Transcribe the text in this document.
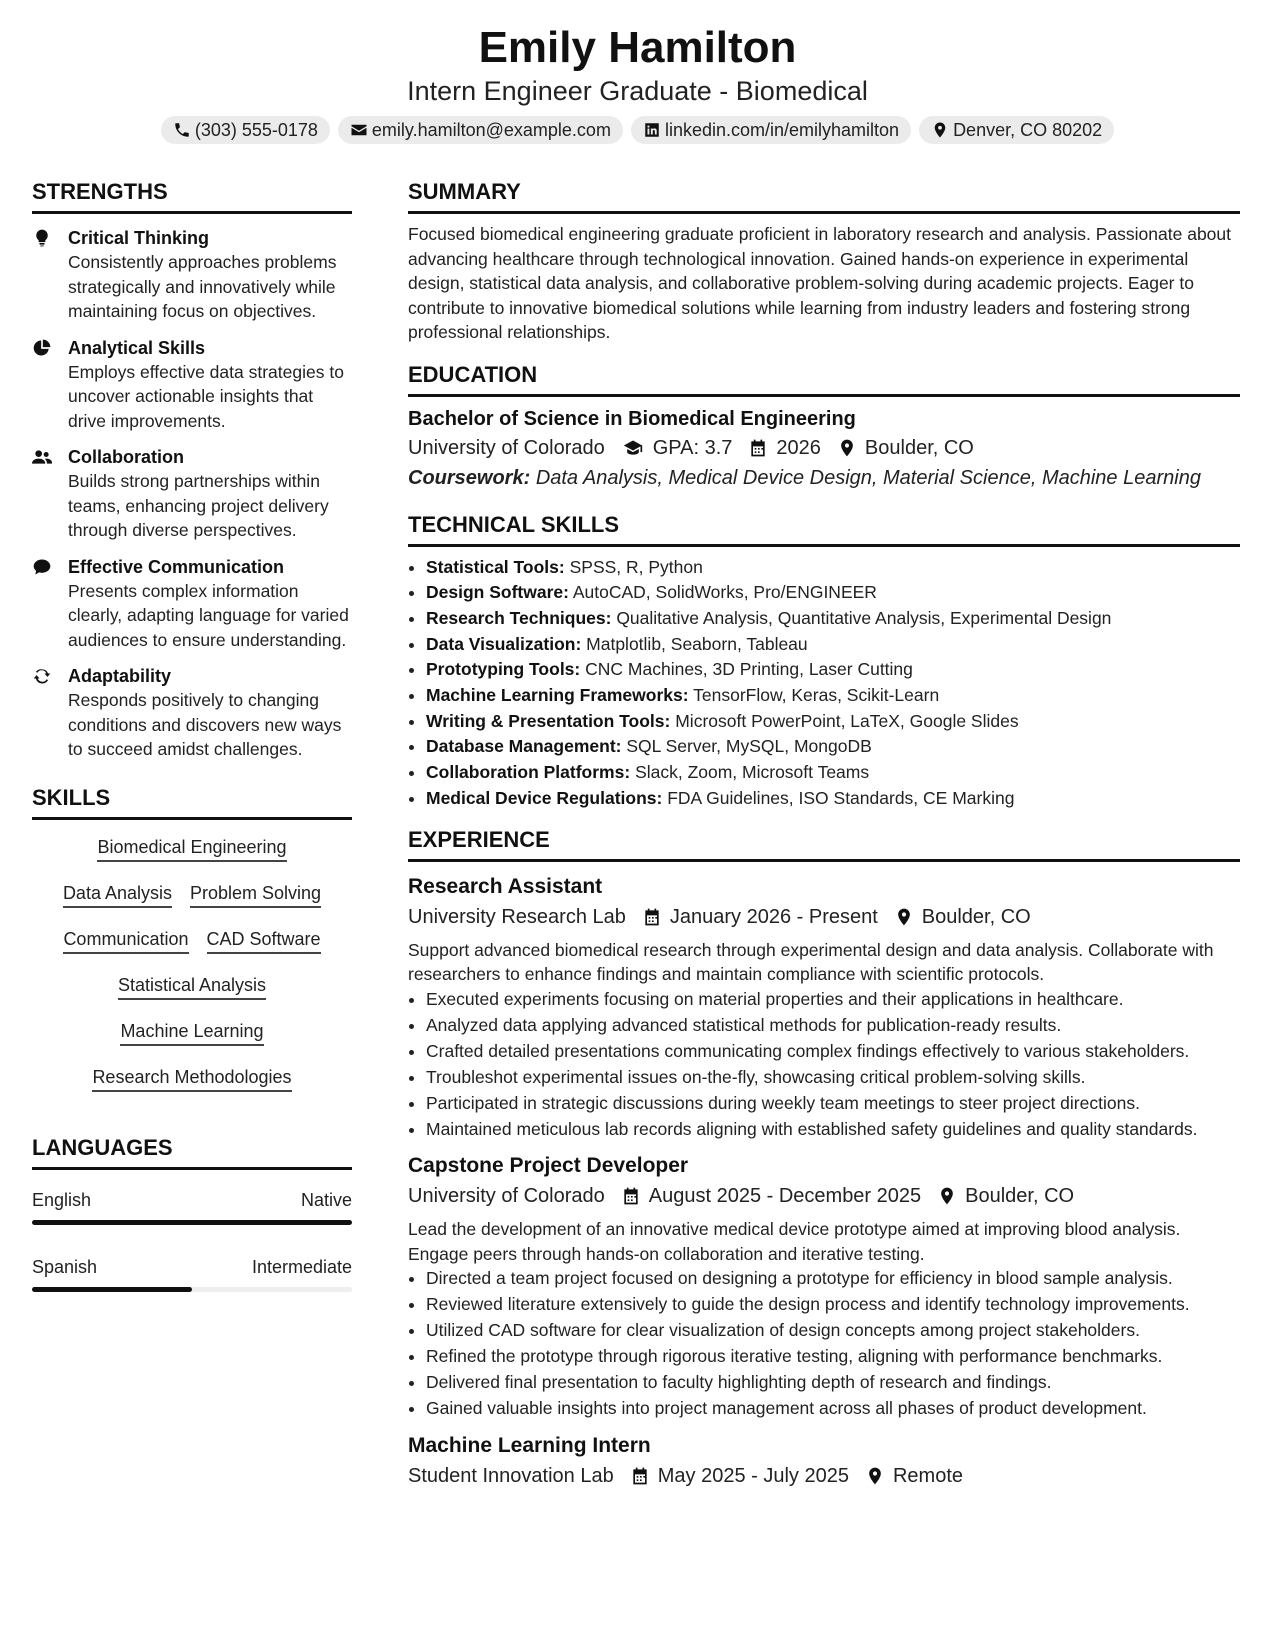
Emily Hamilton
Intern Engineer Graduate - Biomedical
(303) 555-0178	emily.hamilton@example.com	linkedin.com/in/emilyhamilton	Denver, CO 80202
STRENGTHS
Critical Thinking
Consistently approaches problems strategically and innovatively while maintaining focus on objectives.
Analytical Skills
Employs effective data strategies to uncover actionable insights that drive improvements.
Collaboration
Builds strong partnerships within teams, enhancing project delivery through diverse perspectives.
Effective Communication
Presents complex information clearly, adapting language for varied audiences to ensure understanding.
Adaptability
Responds positively to changing conditions and discovers new ways to succeed amidst challenges.
SKILLS
Biomedical Engineering
Data Analysis Problem Solving
Communication CAD Software
Statistical Analysis
Machine Learning
Research Methodologies
LANGUAGES
English	Native
Spanish	Intermediate
SUMMARY

Focused biomedical engineering graduate proficient in laboratory research and analysis. Passionate about advancing healthcare through technological innovation. Gained hands-on experience in experimental design, statistical data analysis, and collaborative problem-solving during academic projects. Eager to contribute to innovative biomedical solutions while learning from industry leaders and fostering strong professional relationships.

EDUCATION
Bachelor of Science in Biomedical Engineering
University of Colorado GPA: 3.7 2026 Boulder, CO
Coursework: Data Analysis, Medical Device Design, Material Science, Machine Learning
TECHNICAL SKILLS
• Statistical Tools: SPSS, R, Python
• Design Software: AutoCAD, SolidWorks, Pro/ENGINEER
• Research Techniques: Qualitative Analysis, Quantitative Analysis, Experimental Design
• Data Visualization: Matplotlib, Seaborn, Tableau
• Prototyping Tools: CNC Machines, 3D Printing, Laser Cutting
• Machine Learning Frameworks: TensorFlow, Keras, Scikit-Learn
• Writing & Presentation Tools: Microsoft PowerPoint, LaTeX, Google Slides
• Database Management: SQL Server, MySQL, MongoDB
• Collaboration Platforms: Slack, Zoom, Microsoft Teams
• Medical Device Regulations: FDA Guidelines, ISO Standards, CE Marking
EXPERIENCE
Research Assistant
University Research Lab January 2026 - Present Boulder, CO

Support advanced biomedical research through experimental design and data analysis. Collaborate with researchers to enhance findings and maintain compliance with scientific protocols.

• Executed experiments focusing on material properties and their applications in healthcare.
• Analyzed data applying advanced statistical methods for publication-ready results.
• Crafted detailed presentations communicating complex findings effectively to various stakeholders.
• Troubleshot experimental issues on-the-fly, showcasing critical problem-solving skills.
• Participated in strategic discussions during weekly team meetings to steer project directions.
• Maintained meticulous lab records aligning with established safety guidelines and quality standards.
Capstone Project Developer
University of Colorado August 2025 - December 2025 Boulder, CO

Lead the development of an innovative medical device prototype aimed at improving blood analysis. Engage peers through hands-on collaboration and iterative testing.

• Directed a team project focused on designing a prototype for efficiency in blood sample analysis.
• Reviewed literature extensively to guide the design process and identify technology improvements.
• Utilized CAD software for clear visualization of design concepts among project stakeholders.
• Refined the prototype through rigorous iterative testing, aligning with performance benchmarks.
• Delivered final presentation to faculty highlighting depth of research and findings.
• Gained valuable insights into project management across all phases of product development.
Machine Learning Intern
Student Innovation Lab May 2025 - July 2025 Remote
